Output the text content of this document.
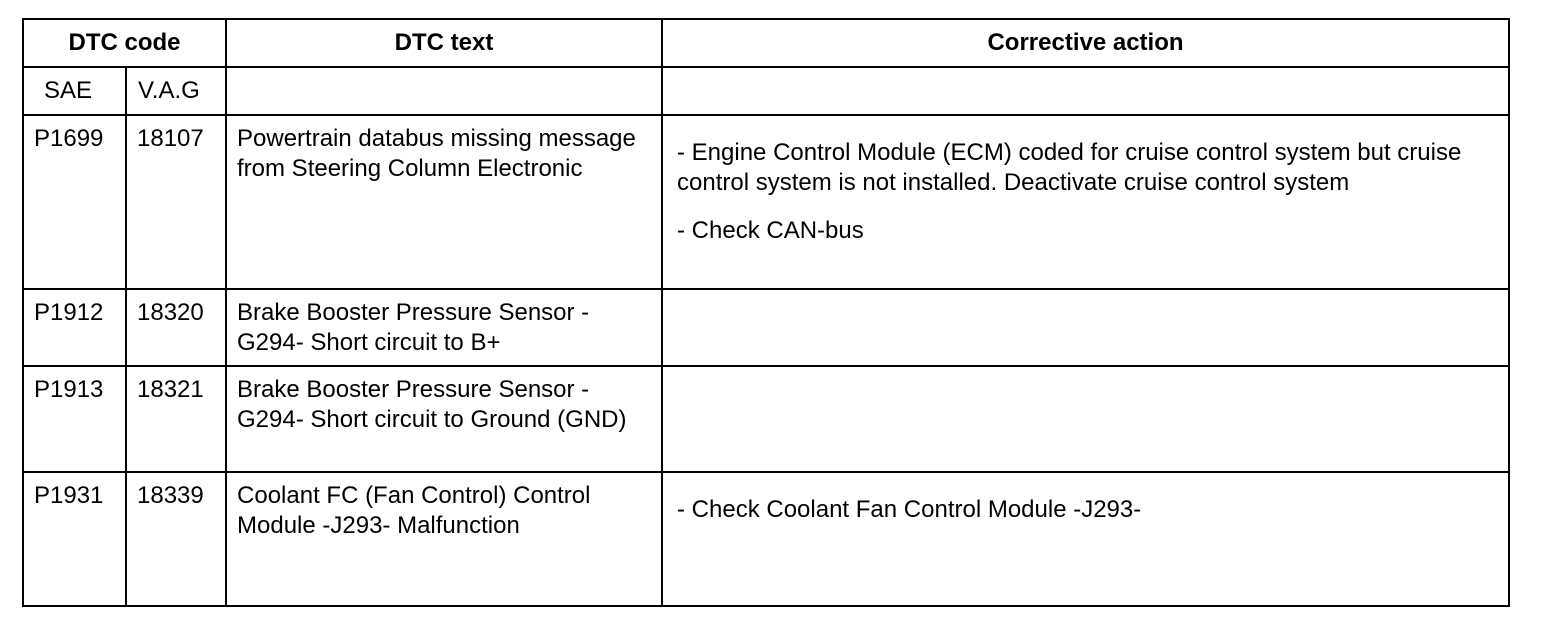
DTC code		DTC text	Corrective action

SAE	V.A.G		

P1699	18107	Powertrain databus missing message from Steering Column Electronic	- Engine Control Module (ECM) coded for cruise control system but cruise control system is not installed. Deactivate cruise control system

- Check CAN-bus

P1912	18320	Brake Booster Pressure Sensor -G294- Short circuit to B+	

P1913	18321	Brake Booster Pressure Sensor -G294- Short circuit to Ground (GND)	

P1931	18339	Coolant FC (Fan Control) Control Module -J293- Malfunction	- Check Coolant Fan Control Module -J293-
